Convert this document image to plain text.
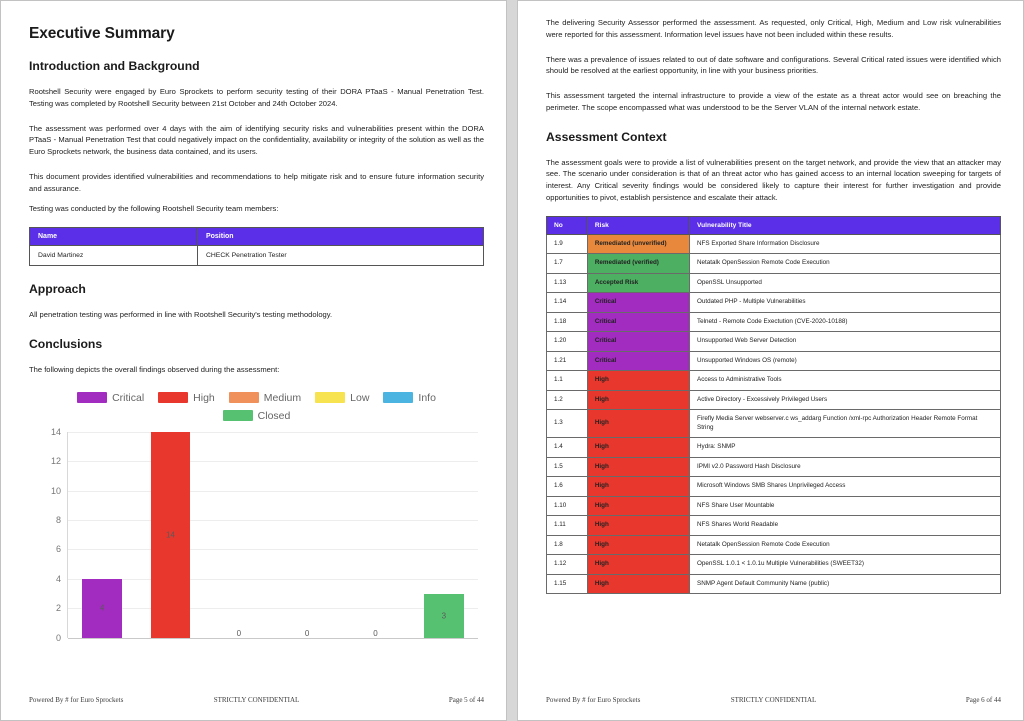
Executive Summary
Introduction and Background

Rootshell Security were engaged by Euro Sprockets to perform security testing of their DORA PTaaS - Manual Penetration Test. Testing was completed by Rootshell Security between 21st October and 24th October 2024.

The assessment was performed over 4 days with the aim of identifying security risks and vulnerabilities present within the DORA PTaaS - Manual Penetration Test that could negatively impact on the confidentiality, availability or integrity of the solution as well as the Euro Sprockets network, the business data contained, and its users.

This document provides identified vulnerabilities and recommendations to help mitigate risk and to ensure future information security and assurance.

Testing was conducted by the following Rootshell Security team members:

Name	Position
David Martinez	CHECK Penetration Tester
Approach

All penetration testing was performed in line with Rootshell Security's testing methodology.

Conclusions

The following depicts the overall findings observed during the assessment:

Critical	High	Medium	Low	Info
Closed
14
12
10
8
6
4
2
0
4
14
0	0	0
3
Powered By # for Euro Sprockets	STRICTLY CONFIDENTIAL	Page 5 of 44

The delivering Security Assessor performed the assessment. As requested, only Critical, High, Medium and Low risk vulnerabilities were reported for this assessment. Information level issues have not been included within these results.

There was a prevalence of issues related to out of date software and configurations. Several Critical rated issues were identified which should be resolved at the earliest opportunity, in line with your business priorities.

This assessment targeted the internal infrastructure to provide a view of the estate as a threat actor would see on breaching the perimeter. The scope encompassed what was understood to be the Server VLAN of the internal network estate.

Assessment Context

The assessment goals were to provide a list of vulnerabilities present on the target network, and provide the view that an attacker may see. The scenario under consideration is that of an threat actor who has gained access to an internal location sweeping for targets of interest. Any Critical severity findings would be considered likely to capture their interest for further investigation and provide opportunities to pivot, establish persistence and escalate their attack.

No	Risk	Vulnerability Title
1.9	Remediated (unverified)	NFS Exported Share Information Disclosure
1.7	Remediated (verified)	Netatalk OpenSession Remote Code Execution
1.13	Accepted Risk	OpenSSL Unsupported
1.14	Critical	Outdated PHP - Multiple Vulnerabilities
1.18	Critical	Telnetd - Remote Code Exectution (CVE-2020-10188)
1.20	Critical	Unsupported Web Server Detection
1.21	Critical	Unsupported Windows OS (remote)
1.1	High	Access to Administrative Tools
1.2	High	Active Directory - Excessively Privileged Users
1.3	High	Firefly Media Server webserver.c ws_addarg Function /xml-rpc Authorization Header Remote Format String
1.4	High	Hydra: SNMP
1.5	High	IPMI v2.0 Password Hash Disclosure
1.6	High	Microsoft Windows SMB Shares Unprivileged Access
1.10	High	NFS Share User Mountable
1.11	High	NFS Shares World Readable
1.8	High	Netatalk OpenSession Remote Code Execution
1.12	High	OpenSSL 1.0.1 < 1.0.1u Multiple Vulnerabilities (SWEET32)
1.15	High	SNMP Agent Default Community Name (public)
Powered By # for Euro Sprockets	STRICTLY CONFIDENTIAL	Page 6 of 44
